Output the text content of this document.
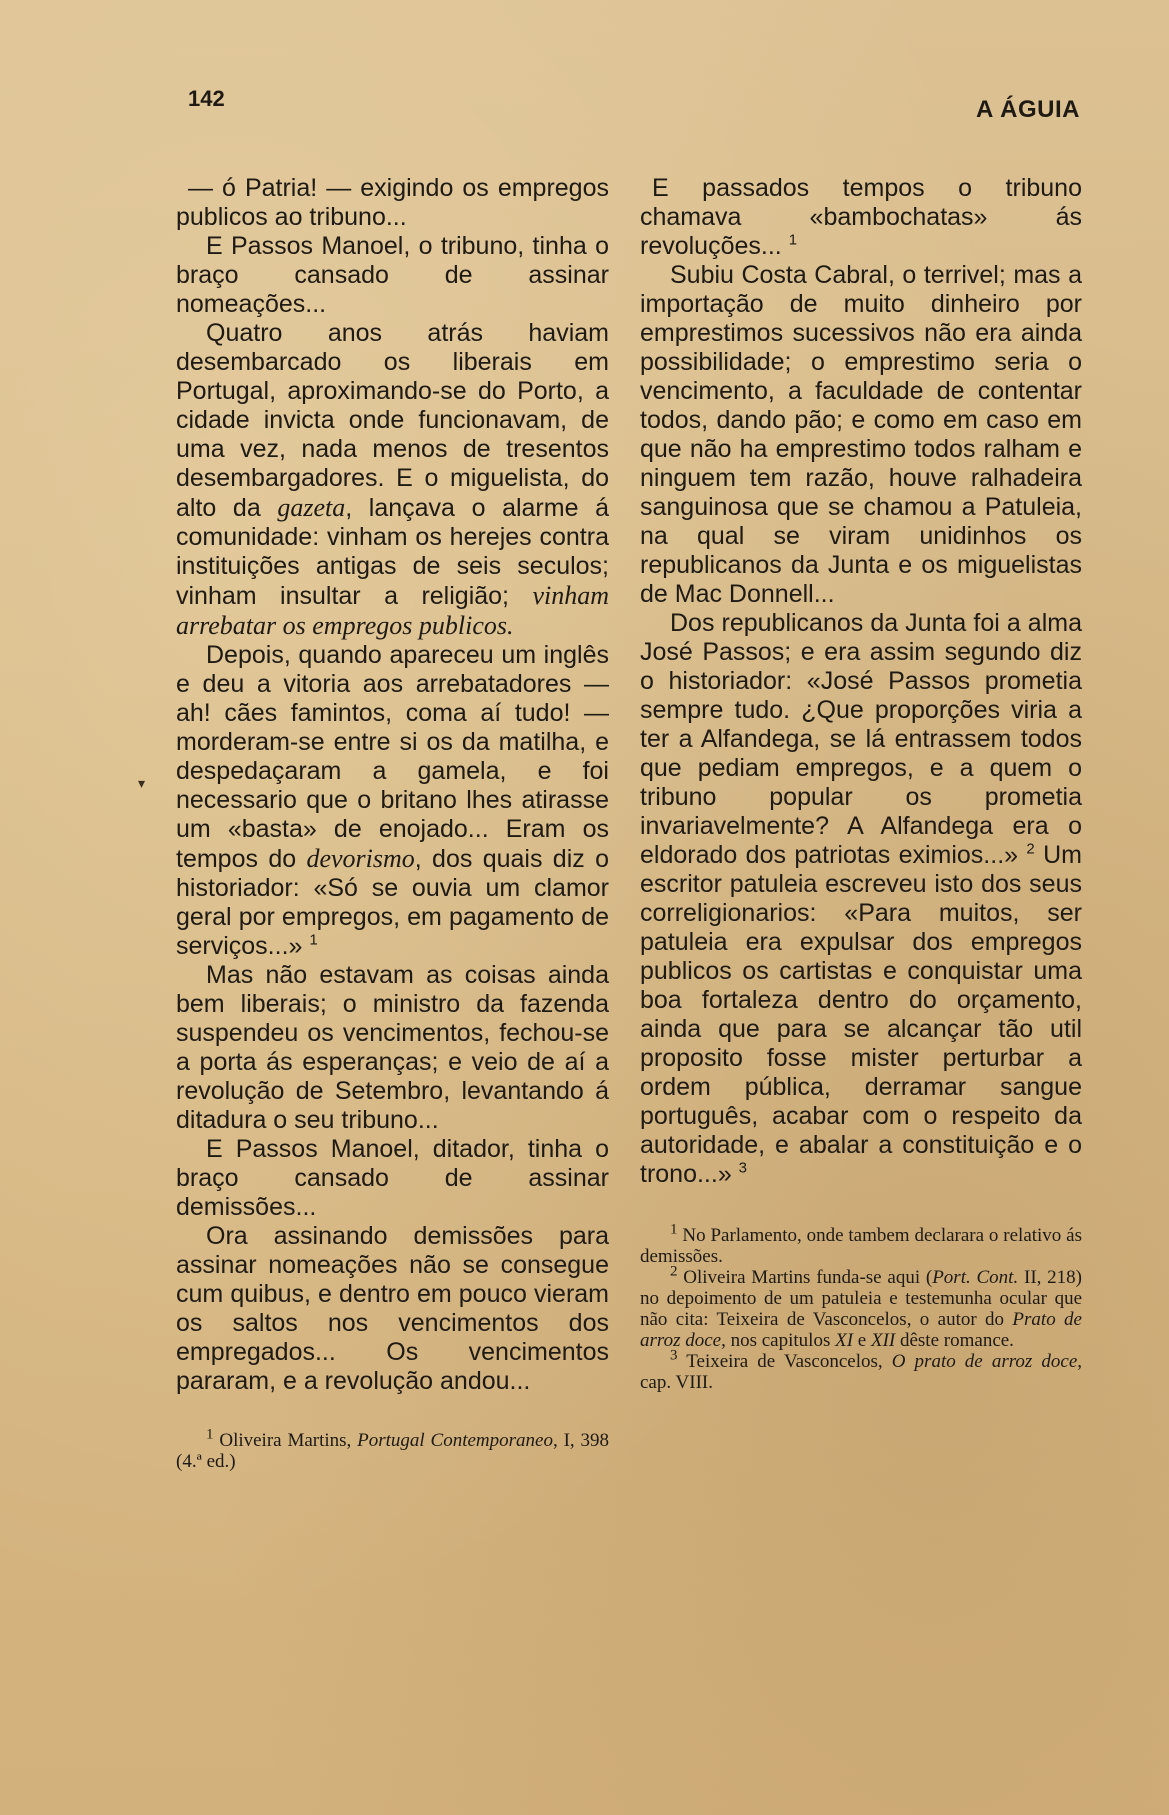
142	A ÁGUIA
▾

— ó Patria! — exigindo os empregos publicos ao tribuno...

E Passos Manoel, o tribuno, tinha o braço cansado de assinar nomeações...

Quatro anos atrás haviam desembarcado os liberais em Portugal, aproximando-se do Porto, a cidade invicta onde funcionavam, de uma vez, nada menos de tresentos desembargadores. E o miguelista, do alto da gazeta, lançava o alarme á comunidade: vinham os herejes contra instituições antigas de seis seculos; vinham insultar a religião; vinham arrebatar os empregos publicos.

Depois, quando apareceu um inglês e deu a vitoria aos arrebatadores — ah! cães famintos, coma aí tudo! — morderam-se entre si os da matilha, e despedaçaram a gamela, e foi necessario que o britano lhes atirasse um «basta» de enojado... Eram os tempos do devorismo, dos quais diz o historiador: «Só se ouvia um clamor geral por empregos, em pagamento de serviços...» $^1$

Mas não estavam as coisas ainda bem liberais; o ministro da fazenda suspendeu os vencimentos, fechou-se a porta ás esperanças; e veio de aí a revolução de Setembro, levantando á ditadura o seu tribuno...

E Passos Manoel, ditador, tinha o braço cansado de assinar demissões...

Ora assinando demissões para assinar nomeações não se consegue cum quibus, e dentro em pouco vieram os saltos nos vencimentos dos empregados... Os vencimentos pararam, e a revolução andou...

$^1$ Oliveira Martins, Portugal Contemporaneo, I, 398 (4.ª ed.)

E passados tempos o tribuno chamava «bambochatas» ás revoluções... $^1$

Subiu Costa Cabral, o terrivel; mas a importação de muito dinheiro por emprestimos sucessivos não era ainda possibilidade; o emprestimo seria o vencimento, a faculdade de contentar todos, dando pão; e como em caso em que não ha emprestimo todos ralham e ninguem tem razão, houve ralhadeira sanguinosa que se chamou a Patuleia, na qual se viram unidinhos os republicanos da Junta e os miguelistas de Mac Donnell...

Dos republicanos da Junta foi a alma José Passos; e era assim segundo diz o historiador: «José Passos prometia sempre tudo. ¿Que proporções viria a ter a Alfandega, se lá entrassem todos que pediam empregos, e a quem o tribuno popular os prometia invariavelmente? A Alfandega era o eldorado dos patriotas eximios...» $^2$ Um escritor patuleia escreveu isto dos seus correligionarios: «Para muitos, ser patuleia era expulsar dos empregos publicos os cartistas e conquistar uma boa fortaleza dentro do orçamento, ainda que para se alcançar tão util proposito fosse mister perturbar a ordem pública, derramar sangue português, acabar com o respeito da autoridade, e abalar a constituição e o trono...» $^3$

$^1$ No Parlamento, onde tambem declarara o relativo ás demissões.

$^2$ Oliveira Martins funda-se aqui (Port. Cont. II, 218) no depoimento de um patuleia e testemunha ocular que não cita: Teixeira de Vasconcelos, o autor do Prato de arroz doce, nos capitulos XI e XII dêste romance.

$^3$ Teixeira de Vasconcelos, O prato de arroz doce, cap. VIII.
